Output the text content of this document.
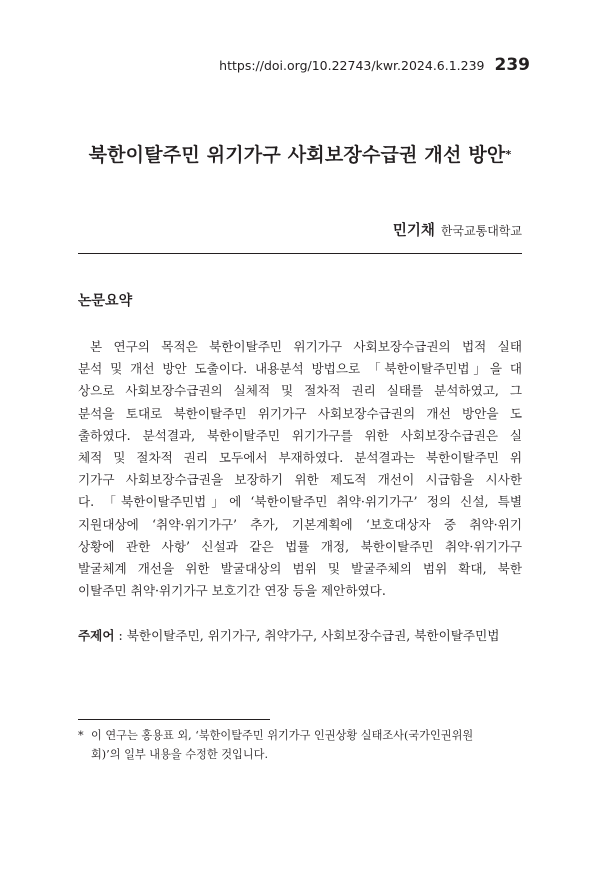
https://doi.org/10.22743/kwr.2024.6.1.239 239
북한이탈주민 위기가구 사회보장수급권 개선 방안*
민기채 한국교통대학교
논문요약
본 연구의 목적은 북한이탈주민 위기가구 사회보장수급권의 법적 실태
분석 및 개선 방안 도출이다. 내용분석 방법으로 「북한이탈주민법」을 대
상으로 사회보장수급권의 실체적 및 절차적 권리 실태를 분석하였고, 그
분석을 토대로 북한이탈주민 위기가구 사회보장수급권의 개선 방안을 도
출하였다. 분석결과, 북한이탈주민 위기가구를 위한 사회보장수급권은 실
체적 및 절차적 권리 모두에서 부재하였다. 분석결과는 북한이탈주민 위
기가구 사회보장수급권을 보장하기 위한 제도적 개선이 시급함을 시사한
다. 「북한이탈주민법」에 ‘북한이탈주민 취약·위기가구’ 정의 신설, 특별
지원대상에 ‘취약·위기가구’ 추가, 기본계획에 ‘보호대상자 중 취약·위기
상황에 관한 사항’ 신설과 같은 법률 개정, 북한이탈주민 취약·위기가구
발굴체계 개선을 위한 발굴대상의 범위 및 발굴주체의 범위 확대, 북한
이탈주민 취약·위기가구 보호기간 연장 등을 제안하였다.
주제어 : 북한이탈주민, 위기가구, 취약가구, 사회보장수급권, 북한이탈주민법
* 이 연구는 홍용표 외, ‘북한이탈주민 위기가구 인권상황 실태조사(국가인권위원
회)’의 일부 내용을 수정한 것입니다.
